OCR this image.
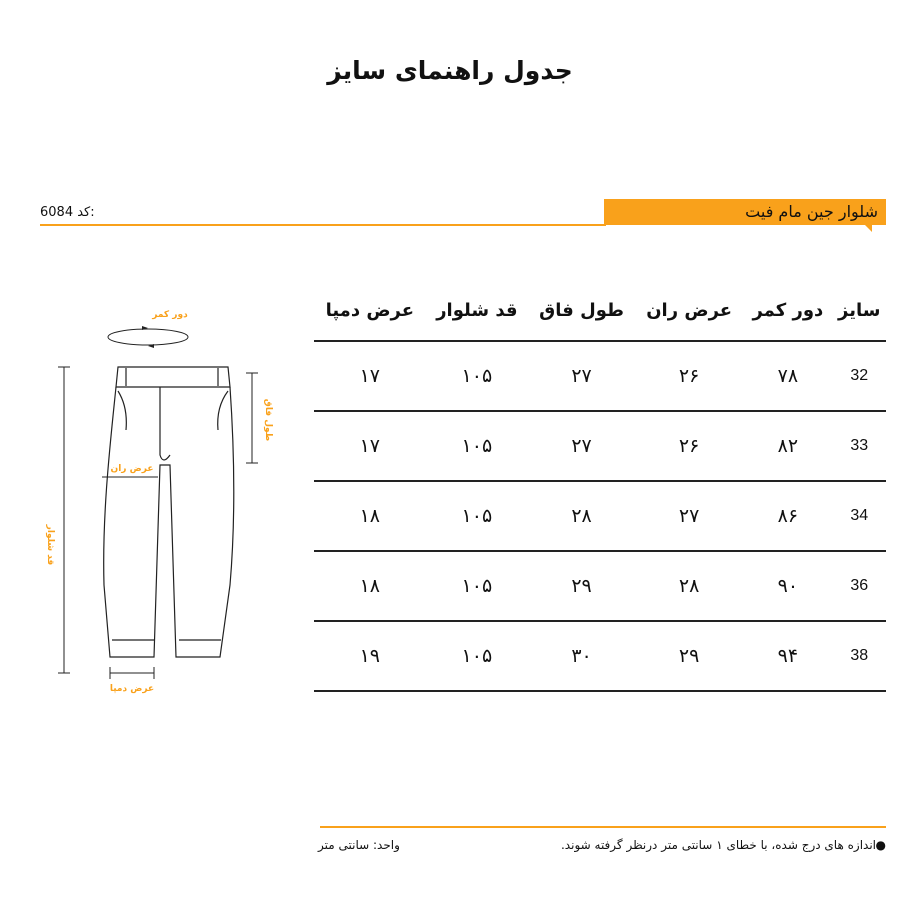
جدول راهنمای سایز
6084 کد:	شلوار جین مام فیت
دور کمر
طول فاق
عرض ران
قد شلوار
عرض دمپا
سایز	دور کمر	عرض ران	طول فاق	قد شلوار	عرض دمپا
32	۷۸	۲۶	۲۷	۱۰۵	۱۷
33	۸۲	۲۶	۲۷	۱۰۵	۱۷
34	۸۶	۲۷	۲۸	۱۰۵	۱۸
36	۹۰	۲۸	۲۹	۱۰۵	۱۸
38	۹۴	۲۹	۳۰	۱۰۵	۱۹
●
اندازه های درج شده، با خطای ۱ سانتی متر درنظر گرفته شوند.
واحد: سانتی متر
